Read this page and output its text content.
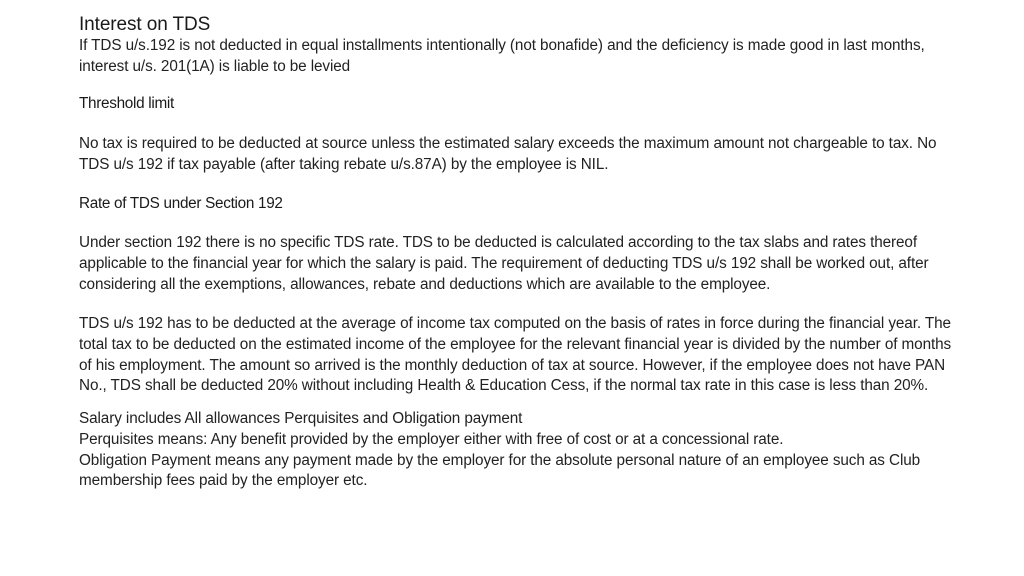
Interest on TDS

If TDS u/s.192 is not deducted in equal installments intentionally (not bonafide) and the deficiency is made good in last months, interest u/s. 201(1A) is liable to be levied

Threshold limit

No tax is required to be deducted at source unless the estimated salary exceeds the maximum amount not chargeable to tax. No TDS u/s 192 if tax payable (after taking rebate u/s.87A) by the employee is NIL.

Rate of TDS under Section 192

Under section 192 there is no specific TDS rate. TDS to be deducted is calculated according to the tax slabs and rates thereof applicable to the financial year for which the salary is paid. The requirement of deducting TDS u/s 192 shall be worked out, after considering all the exemptions, allowances, rebate and deductions which are available to the employee.

TDS u/s 192 has to be deducted at the average of income tax computed on the basis of rates in force during the financial year. The total tax to be deducted on the estimated income of the employee for the relevant financial year is divided by the number of months of his employment. The amount so arrived is the monthly deduction of tax at source. However, if the employee does not have PAN No., TDS shall be deducted 20% without including Health & Education Cess, if the normal tax rate in this case is less than 20%.

Salary includes All allowances Perquisites and Obligation payment

Perquisites means: Any benefit provided by the employer either with free of cost or at a concessional rate.

Obligation Payment means any payment made by the employer for the absolute personal nature of an employee such as Club membership fees paid by the employer etc.
